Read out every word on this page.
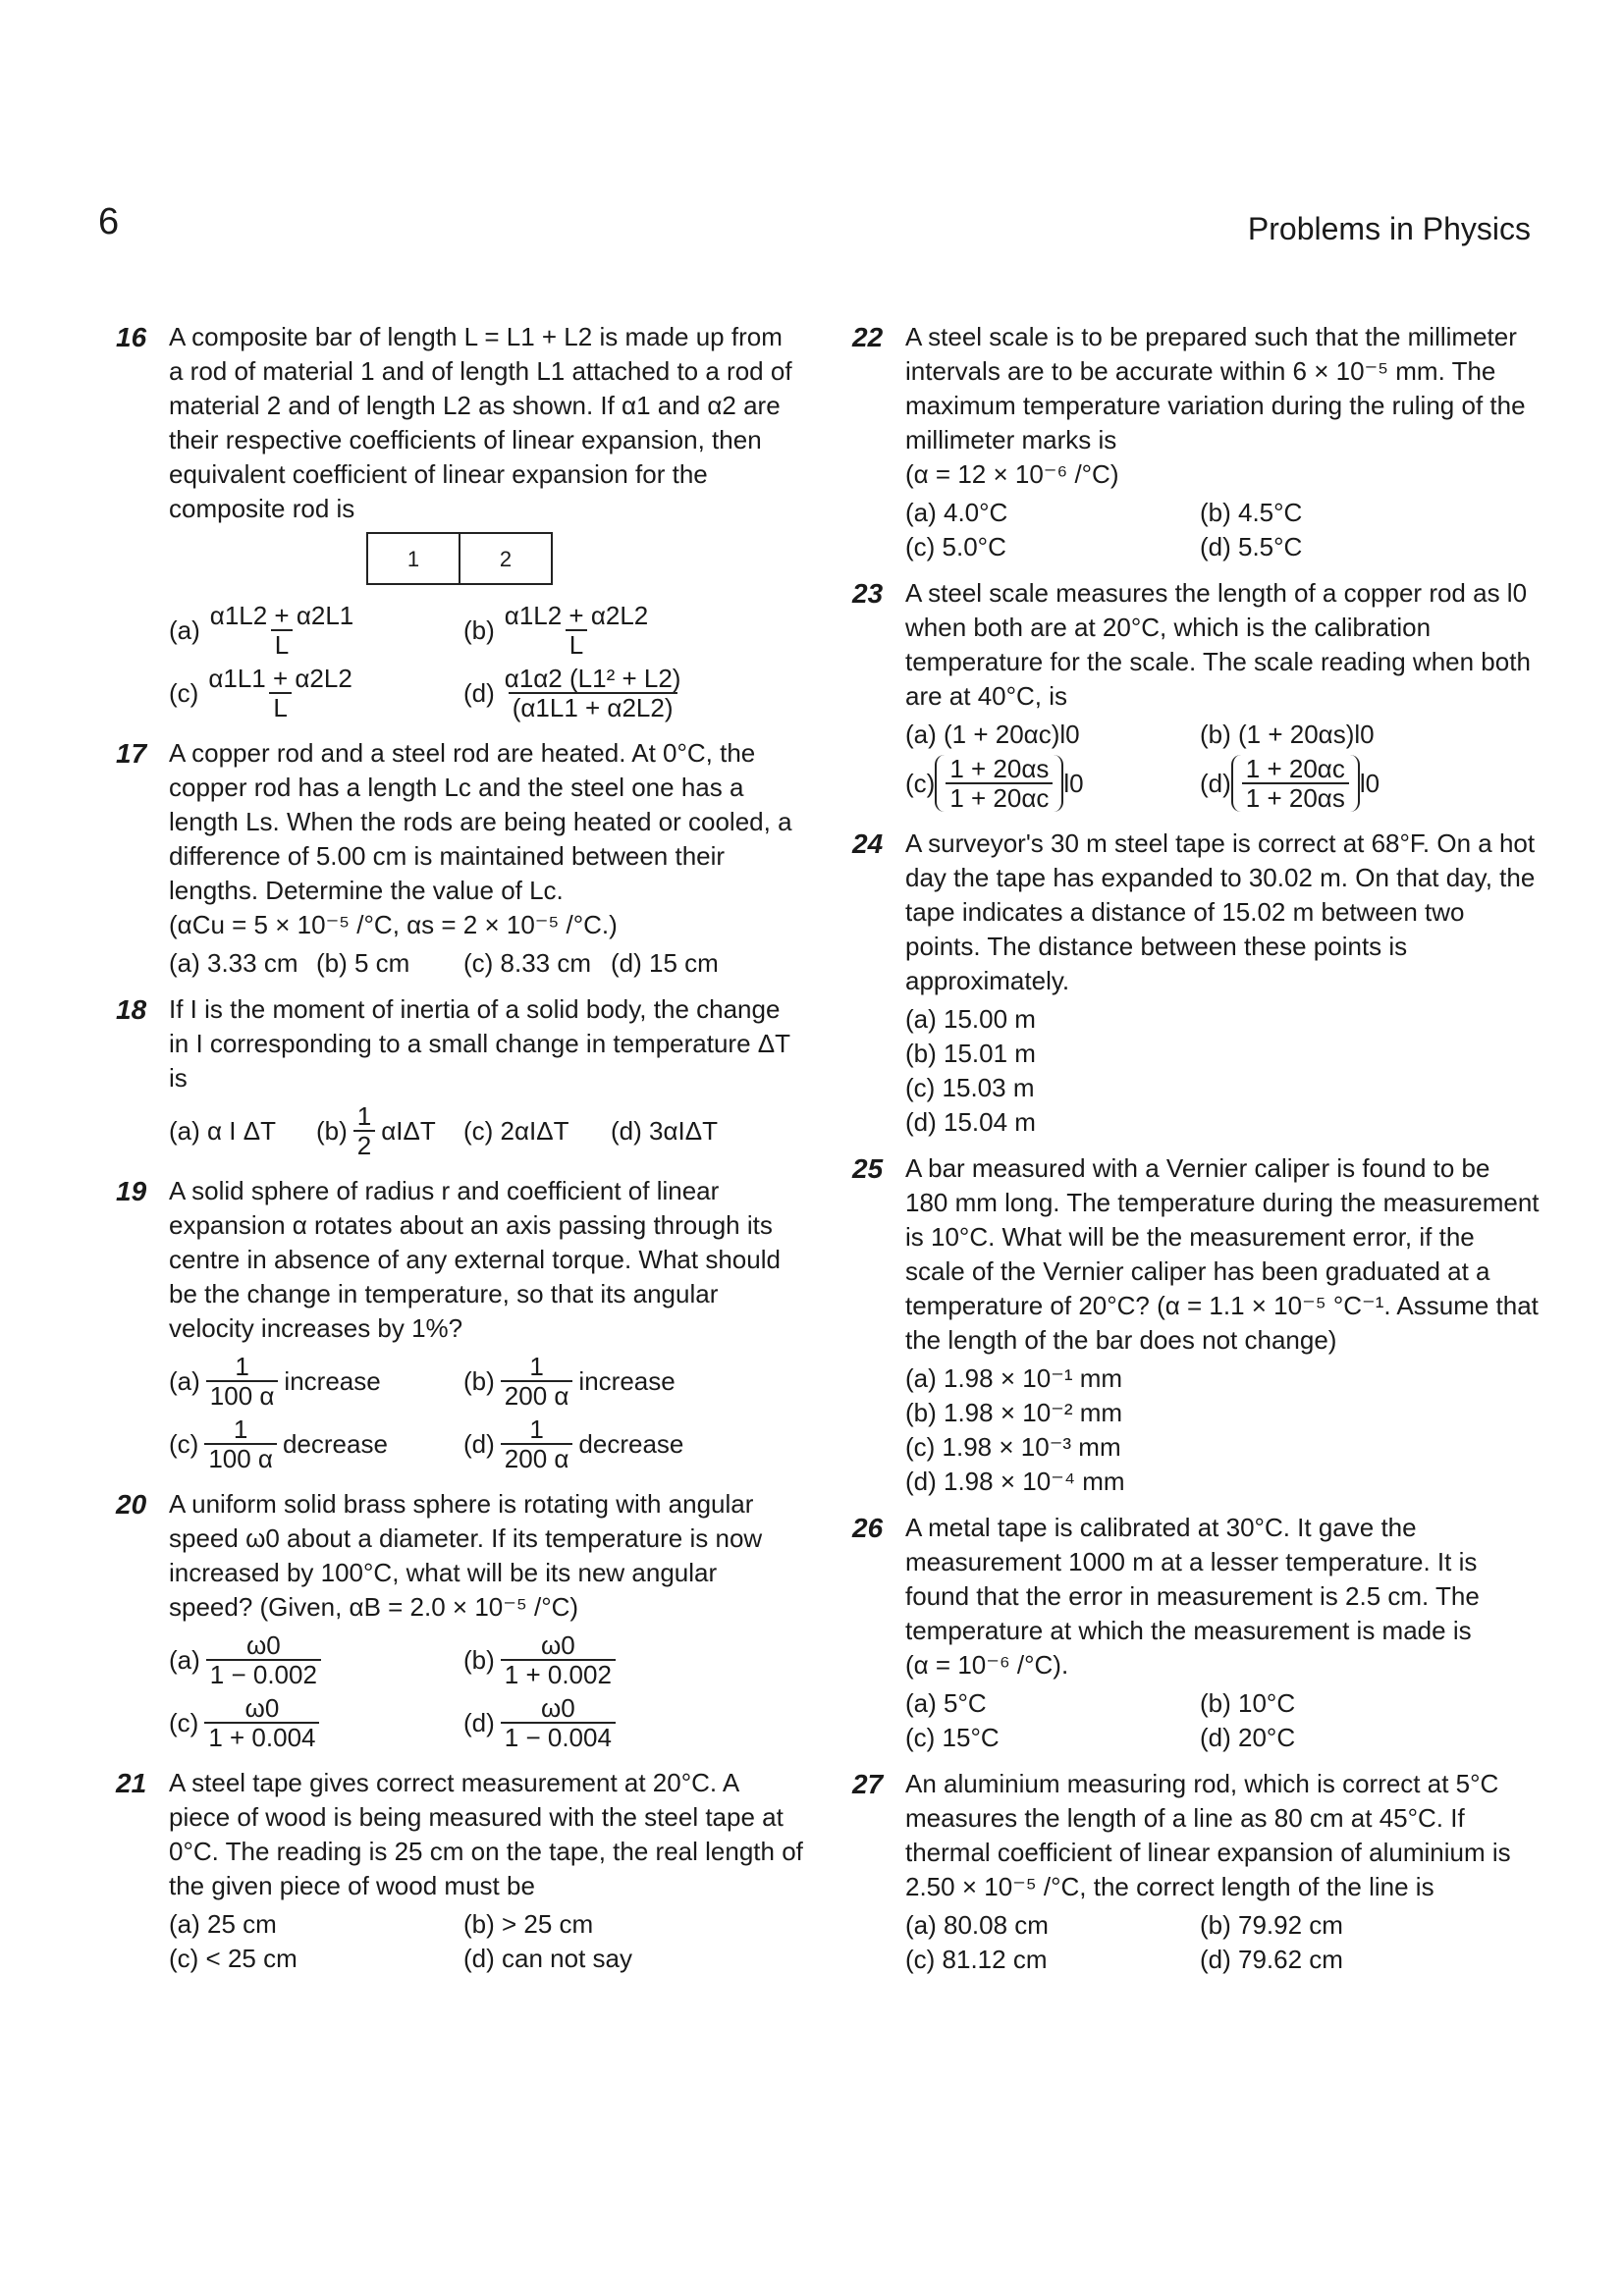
6	Problems in Physics
16 A composite bar of length L = L1 + L2 is made up from a rod of material 1 and of length L1 attached to a rod of material 2 and of length L2 as shown. If α1 and α2 are their respective coefficients of linear expansion, then equivalent coefficient of linear expansion for the composite rod is

1	2
(a) α1L2 + α2L1
L
(b) α1L2 + α2L2
L
(c) α1L1 + α2L2
L
(d) α1α2 (L1² + L2)
(α1L1 + α2L2)
17 A copper rod and a steel rod are heated. At 0°C, the copper rod has a length Lc and the steel one has a length Ls. When the rods are being heated or cooled, a difference of 5.00 cm is maintained between their lengths. Determine the value of Lc.

(αCu = 5 × 10⁻⁵ /°C, αs = 2 × 10⁻⁵ /°C.)

(a) 3.33 cm (b) 5 cm	(c) 8.33 cm (d) 15 cm
18 If I is the moment of inertia of a solid body, the change in I corresponding to a small change in temperature ΔT is

(a) α I ΔT	(b) 1
2
αIΔT (c) 2αIΔT	(d) 3αIΔT
19 A solid sphere of radius r and coefficient of linear expansion α rotates about an axis passing through its centre in absence of any external torque. What should be the change in temperature, so that its angular velocity increases by 1%?

(a) 1
100 α
increase	(b) 1
200 α
increase
(c) 1
100 α
decrease	(d) 1
200 α
decrease
20 A uniform solid brass sphere is rotating with angular speed ω0 about a diameter. If its temperature is now increased by 100°C, what will be its new angular speed? (Given, αB = 2.0 × 10⁻⁵ /°C)

(a) ω0
1 − 0.002
(b) ω0
1 + 0.002
(c) ω0
1 + 0.004
(d) ω0
1 − 0.004
21 A steel tape gives correct measurement at 20°C. A piece of wood is being measured with the steel tape at 0°C. The reading is 25 cm on the tape, the real length of the given piece of wood must be

(a) 25 cm	(b) > 25 cm
(c) < 25 cm	(d) can not say
22 A steel scale is to be prepared such that the millimeter intervals are to be accurate within 6 × 10⁻⁵ mm. The maximum temperature variation during the ruling of the millimeter marks is

(α = 12 × 10⁻⁶ /°C)

(a) 4.0°C	(b) 4.5°C
(c) 5.0°C	(d) 5.5°C
23 A steel scale measures the length of a copper rod as l0 when both are at 20°C, which is the calibration temperature for the scale. The scale reading when both are at 40°C, is

(a) (1 + 20αc)l0	(b) (1 + 20αs)l0
$(c) \frac{1 + 20\alpha s}{1 + 20\alpha c} l0$	$(d) \frac{1 + 20\alpha c}{1 + 20\alpha s} l0$
24 A surveyor's 30 m steel tape is correct at 68°F. On a hot day the tape has expanded to 30.02 m. On that day, the tape indicates a distance of 15.02 m between two points. The distance between these points is approximately.

(a) 15.00 m
(b) 15.01 m
(c) 15.03 m
(d) 15.04 m
25 A bar measured with a Vernier caliper is found to be 180 mm long. The temperature during the measurement is 10°C. What will be the measurement error, if the scale of the Vernier caliper has been graduated at a temperature of 20°C? (α = 1.1 × 10⁻⁵ °C⁻¹. Assume that the length of the bar does not change)

(a) 1.98 × 10⁻¹ mm
(b) 1.98 × 10⁻² mm
(c) 1.98 × 10⁻³ mm
(d) 1.98 × 10⁻⁴ mm
26 A metal tape is calibrated at 30°C. It gave the measurement 1000 m at a lesser temperature. It is found that the error in measurement is 2.5 cm. The temperature at which the measurement is made is

(α = 10⁻⁶ /°C).

(a) 5°C	(b) 10°C
(c) 15°C	(d) 20°C
27 An aluminium measuring rod, which is correct at 5°C measures the length of a line as 80 cm at 45°C. If thermal coefficient of linear expansion of aluminium is 2.50 × 10⁻⁵ /°C, the correct length of the line is

(a) 80.08 cm	(b) 79.92 cm
(c) 81.12 cm	(d) 79.62 cm
